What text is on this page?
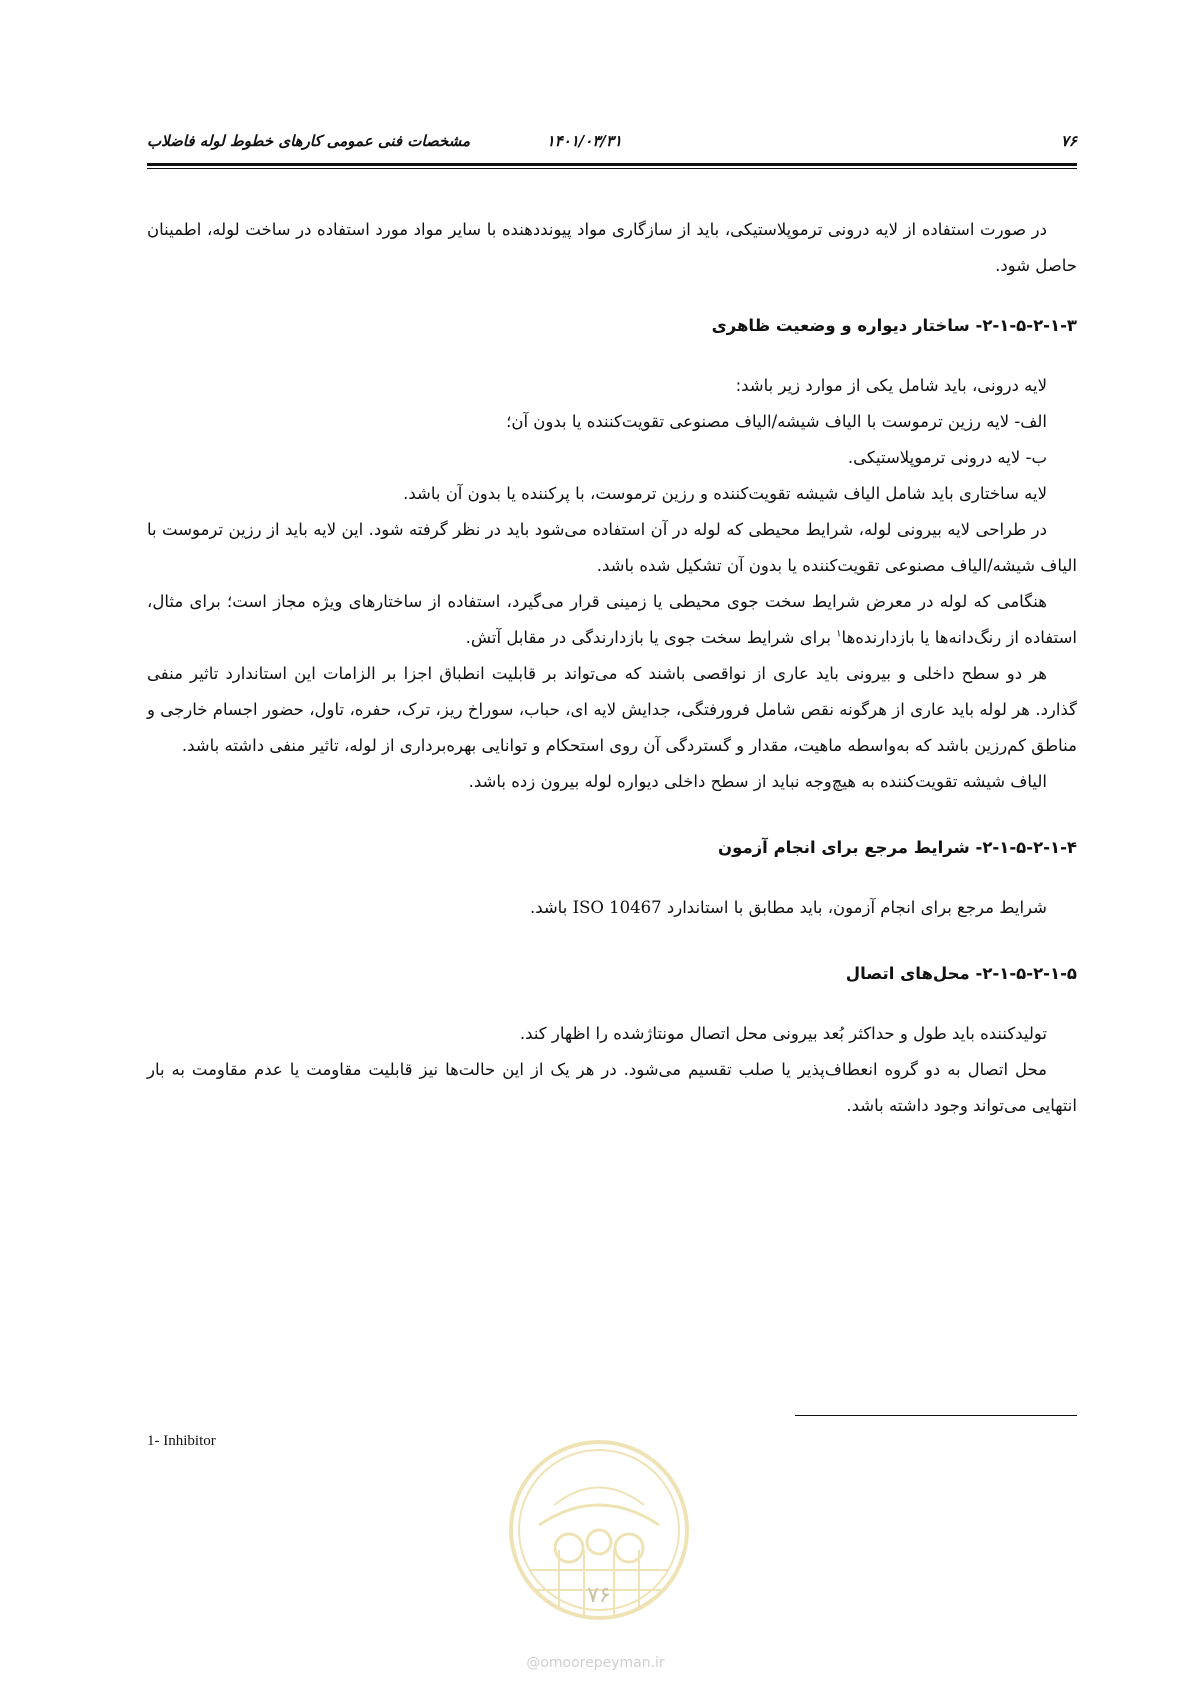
۷۶
۱۴۰۱/۰۳/۳۱
مشخصات فنی عمومی کارهای خطوط لوله فاضلاب

در صورت استفاده از لایه درونی ترموپلاستیکی، باید از سازگاری مواد پیونددهنده با سایر مواد مورد استفاده در ساخت لوله، اطمینان حاصل شود.

۲-۱-۵-۲-۱-۳- ساختار دیواره و وضعیت ظاهری

لایه درونی، باید شامل یکی از موارد زیر باشد:

الف- لایه رزین ترموست با الیاف شیشه/الیاف مصنوعی تقویت‌کننده یا بدون آن؛

ب- لایه درونی ترموپلاستیکی.

لایه ساختاری باید شامل الیاف شیشه تقویت‌کننده و رزین ترموست، با پرکننده یا بدون آن باشد.

در طراحی لایه بیرونی لوله، شرایط محیطی که لوله در آن استفاده می‌شود باید در نظر گرفته شود. این لایه باید از رزین ترموست با الیاف شیشه/الیاف مصنوعی تقویت‌کننده یا بدون آن تشکیل شده باشد.

هنگامی که لوله در معرض شرایط سخت جوی محیطی یا زمینی قرار می‌گیرد، استفاده از ساختارهای ویژه مجاز است؛ برای مثال، استفاده از رنگ‌دانه‌ها یا بازدارنده‌ها$^۱$ برای شرایط سخت جوی یا بازدارندگی در مقابل آتش.

هر دو سطح داخلی و بیرونی باید عاری از نواقصی باشند که می‌تواند بر قابلیت انطباق اجزا بر الزامات این استاندارد تاثیر منفی گذارد. هر لوله باید عاری از هرگونه نقص شامل فرورفتگی، جدایش لایه ای، حباب، سوراخ ریز، ترک، حفره، تاول، حضور اجسام خارجی و مناطق کم‌رزین باشد که به‌واسطه ماهیت، مقدار و گستردگی آن روی استحکام و توانایی بهره‌برداری از لوله، تاثیر منفی داشته باشد.

الیاف شیشه تقویت‌کننده به هیچ‌وجه نباید از سطح داخلی دیواره لوله بیرون زده باشد.

۲-۱-۵-۲-۱-۴- شرایط مرجع برای انجام آزمون

شرایط مرجع برای انجام آزمون، باید مطابق با استاندارد ISO 10467 باشد.

۲-۱-۵-۲-۱-۵- محل‌های اتصال

تولیدکننده باید طول و حداکثر بُعد بیرونی محل اتصال مونتاژشده را اظهار کند.

محل اتصال به دو گروه انعطاف‌پذیر یا صلب تقسیم می‌شود. در هر یک از این حالت‌ها نیز قابلیت مقاومت یا عدم مقاومت به بار انتهایی می‌تواند وجود داشته باشد.

1- Inhibitor
۷۶
@omoorepeyman.ir
